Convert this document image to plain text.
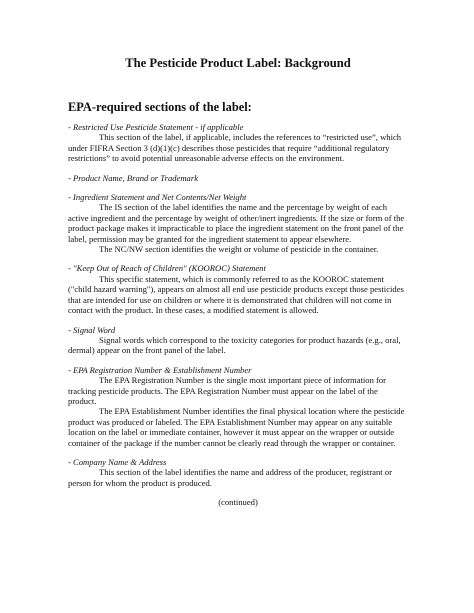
The Pesticide Product Label: Background
EPA-required sections of the label:
- Restricted Use Pesticide Statement - if applicable

This section of the label, if applicable, includes the references to “restricted use”, which under FIFRA Section 3 (d)(1)(c) describes those pesticides that require “additional regulatory restrictions” to avoid potential unreasonable adverse effects on the environment.

- Product Name, Brand or Trademark
- Ingredient Statement and Net Contents/Net Weight

The IS section of the label identifies the name and the percentage by weight of each active ingredient and the percentage by weight of other/inert ingredients. If the size or form of the product package makes it impracticable to place the ingredient statement on the front panel of the label, permission may be granted for the ingredient statement to appear elsewhere.

The NC/NW section identifies the weight or volume of pesticide in the container.

- "Keep Out of Reach of Children" (KOOROC) Statement

This specific statement, which is commonly referred to as the KOOROC statement ("child hazard warning"), appears on almost all end use pesticide products except those pesticides that are intended for use on children or where it is demonstrated that children will not come in contact with the product. In these cases, a modified statement is allowed.

- Signal Word

Signal words which correspond to the toxicity categories for product hazards (e.g., oral, dermal) appear on the front panel of the label.

- EPA Registration Number & Establishment Number

The EPA Registration Number is the single most important piece of information for tracking pesticide products. The EPA Registration Number must appear on the label of the product.

The EPA Establishment Number identifies the final physical location where the pesticide product was produced or labeled. The EPA Establishment Number may appear on any suitable location on the label or immediate container, however it must appear on the wrapper or outside container of the package if the number cannot be clearly read through the wrapper or container.

- Company Name & Address

This section of the label identifies the name and address of the producer, registrant or person for whom the product is produced.

(continued)
